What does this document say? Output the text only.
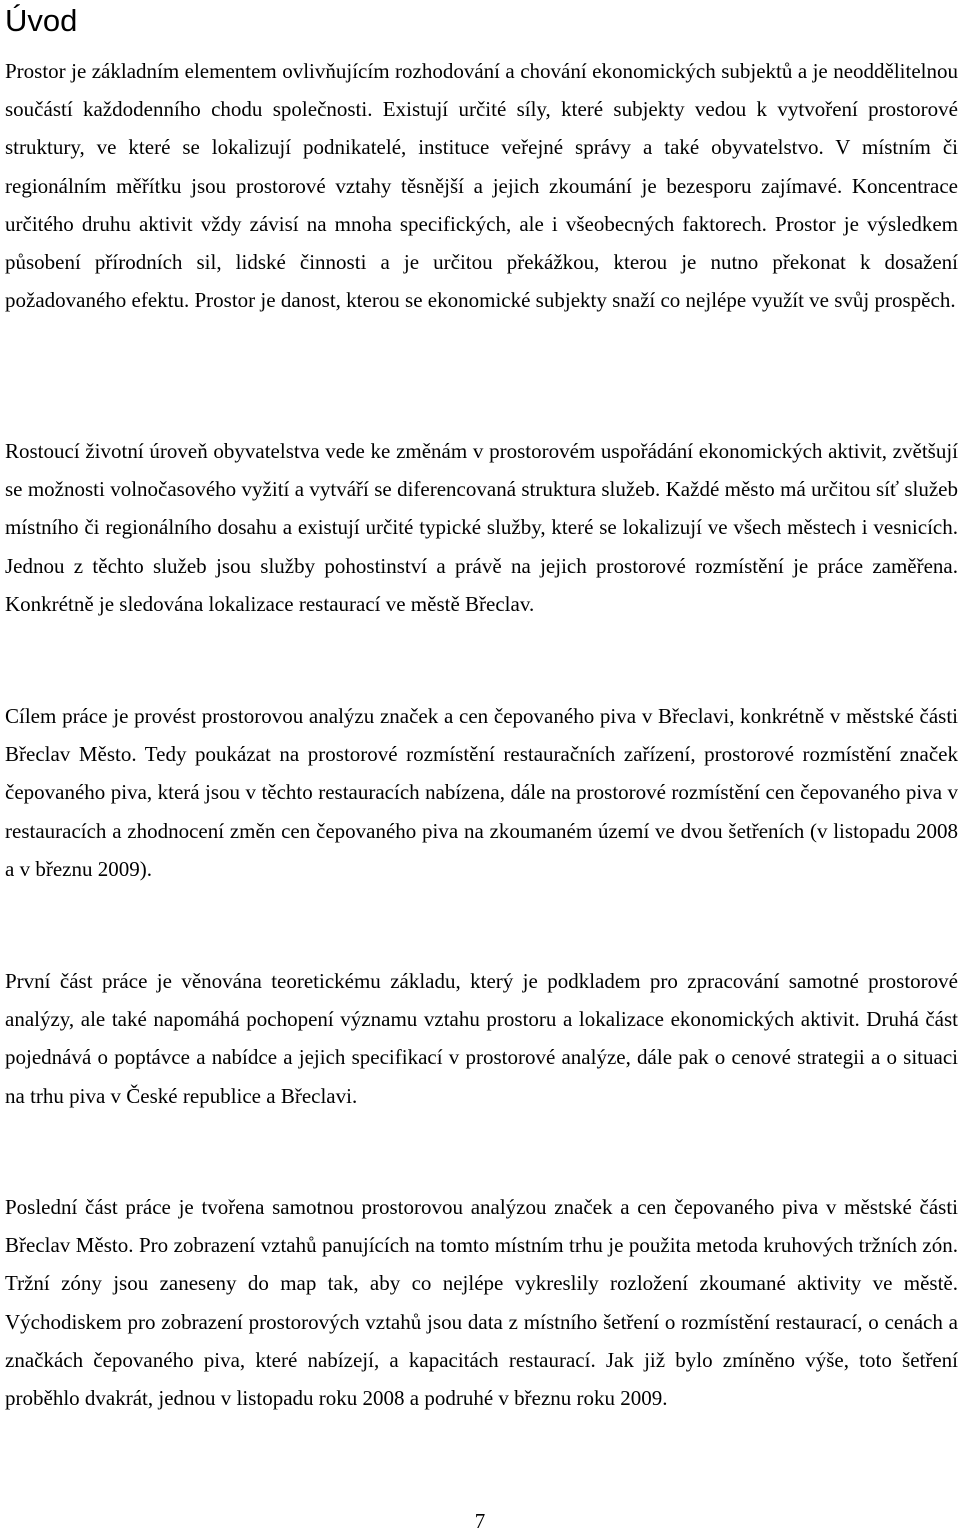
Úvod

Prostor je základním elementem ovlivňujícím rozhodování a chování ekonomických subjektů a je neoddělitelnou součástí každodenního chodu společnosti. Existují určité síly, které subjekty vedou k vytvoření prostorové struktury, ve které se lokalizují podnikatelé, instituce veřejné správy a také obyvatelstvo. V místním či regionálním měřítku jsou prostorové vztahy těsnější a jejich zkoumání je bezesporu zajímavé. Koncentrace určitého druhu aktivit vždy závisí na mnoha specifických, ale i všeobecných faktorech. Prostor je výsledkem působení přírodních sil, lidské činnosti a je určitou překážkou, kterou je nutno překonat k dosažení požadovaného efektu. Prostor je danost, kterou se ekonomické subjekty snaží co nejlépe využít ve svůj prospěch.

Rostoucí životní úroveň obyvatelstva vede ke změnám v prostorovém uspořádání ekonomických aktivit, zvětšují se možnosti volnočasového vyžití a vytváří se diferencovaná struktura služeb. Každé město má určitou síť služeb místního či regionálního dosahu a existují určité typické služby, které se lokalizují ve všech městech i vesnicích. Jednou z těchto služeb jsou služby pohostinství a právě na jejich prostorové rozmístění je práce zaměřena. Konkrétně je sledována lokalizace restaurací ve městě Břeclav.

Cílem práce je provést prostorovou analýzu značek a cen čepovaného piva v Břeclavi, konkrétně v městské části Břeclav Město. Tedy poukázat na prostorové rozmístění restauračních zařízení, prostorové rozmístění značek čepovaného piva, která jsou v těchto restauracích nabízena, dále na prostorové rozmístění cen čepovaného piva v restauracích a zhodnocení změn cen čepovaného piva na zkoumaném území ve dvou šetřeních (v listopadu 2008 a v březnu 2009).

První část práce je věnována teoretickému základu, který je podkladem pro zpracování samotné prostorové analýzy, ale také napomáhá pochopení významu vztahu prostoru a lokalizace ekonomických aktivit. Druhá část pojednává o poptávce a nabídce a jejich specifikací v prostorové analýze, dále pak o cenové strategii a o situaci na trhu piva v České republice a Břeclavi.

Poslední část práce je tvořena samotnou prostorovou analýzou značek a cen čepovaného piva v městské části Břeclav Město. Pro zobrazení vztahů panujících na tomto místním trhu je použita metoda kruhových tržních zón. Tržní zóny jsou zaneseny do map tak, aby co nejlépe vykreslily rozložení zkoumané aktivity ve městě. Východiskem pro zobrazení prostorových vztahů jsou data z místního šetření o rozmístění restaurací, o cenách a značkách čepovaného piva, které nabízejí, a kapacitách restaurací. Jak již bylo zmíněno výše, toto šetření proběhlo dvakrát, jednou v listopadu roku 2008 a podruhé v březnu roku 2009.

7
